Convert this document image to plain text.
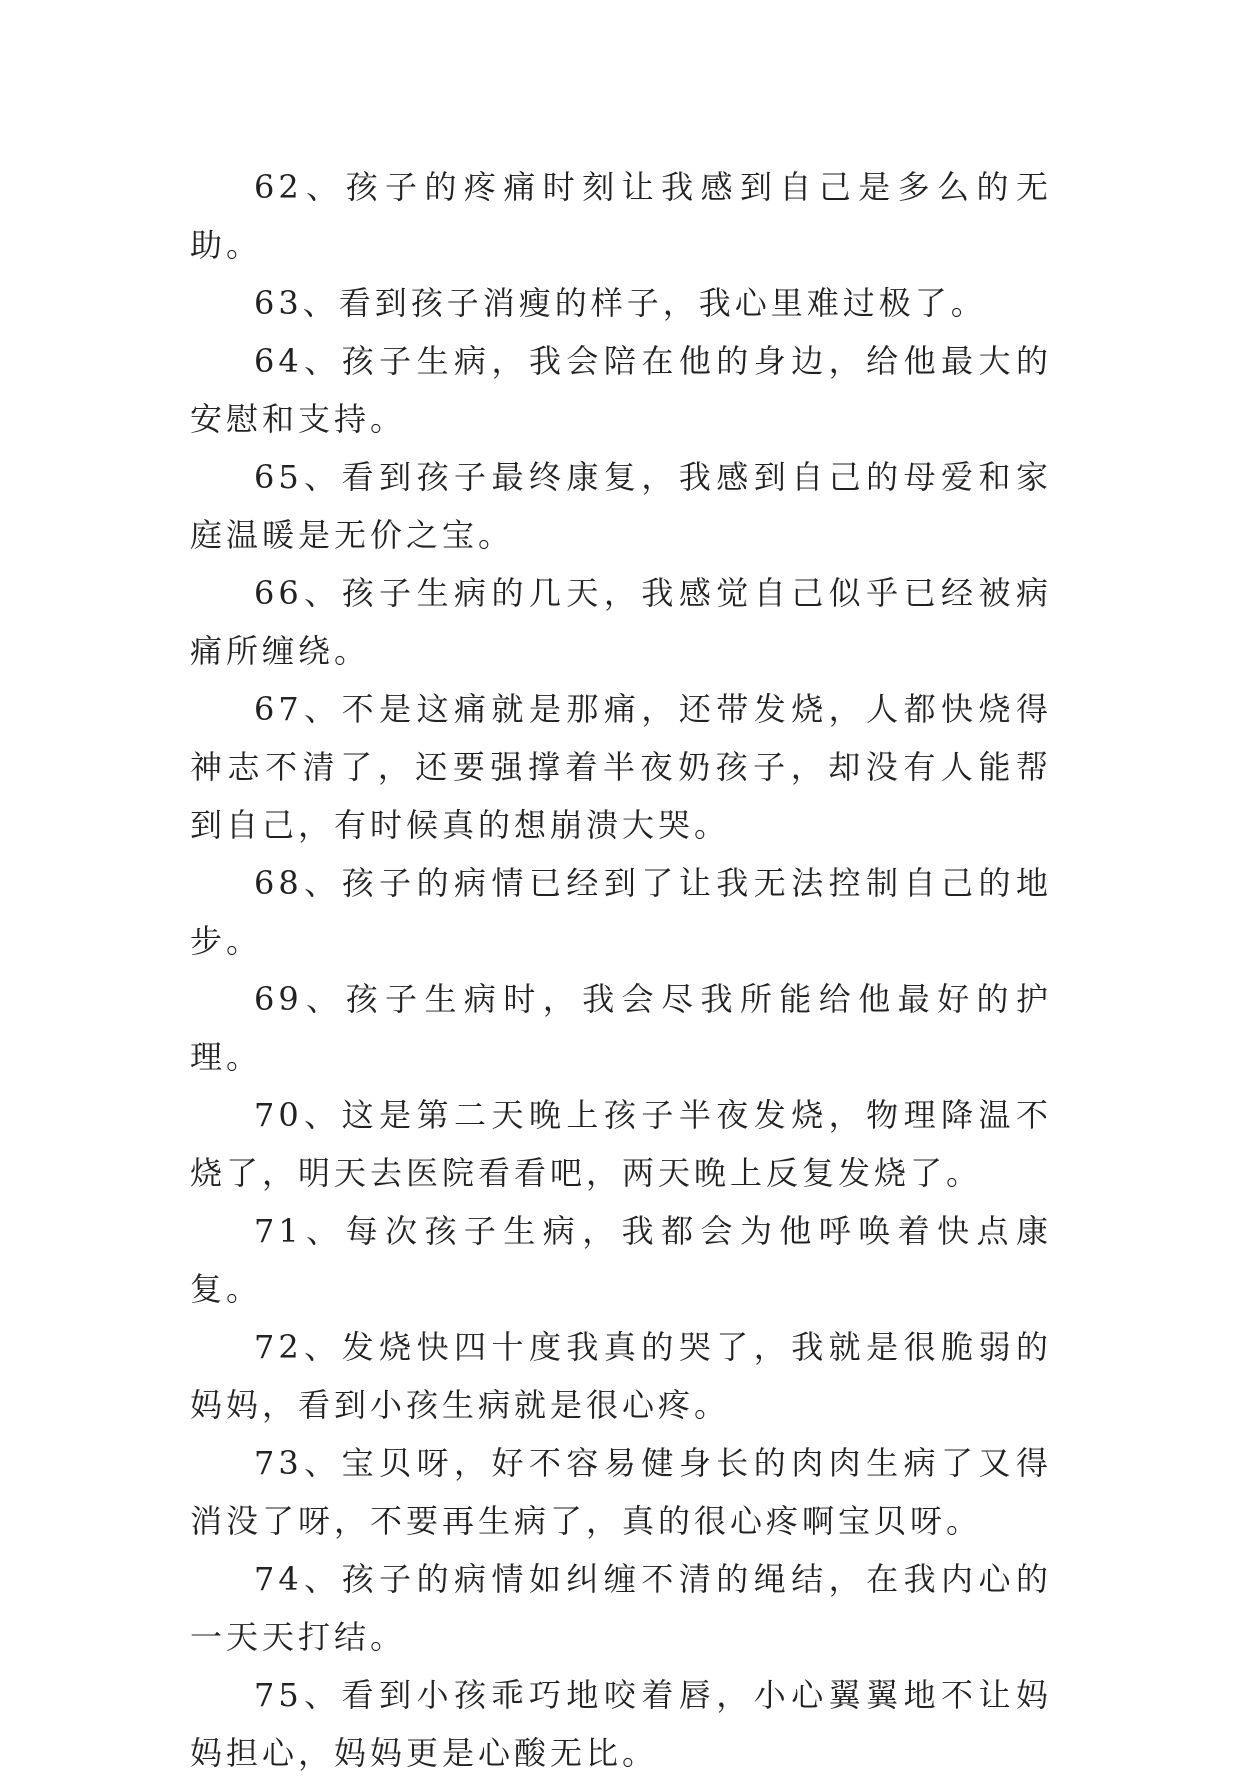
62、孩子的疼痛时刻让我感到自己是多么的无助。

63、看到孩子消瘦的样子，我心里难过极了。

64、孩子生病，我会陪在他的身边，给他最大的安慰和支持。

65、看到孩子最终康复，我感到自己的母爱和家庭温暖是无价之宝。

66、孩子生病的几天，我感觉自己似乎已经被病痛所缠绕。

67、不是这痛就是那痛，还带发烧，人都快烧得神志不清了，还要强撑着半夜奶孩子，却没有人能帮到自己，有时候真的想崩溃大哭。

68、孩子的病情已经到了让我无法控制自己的地步。

69、孩子生病时，我会尽我所能给他最好的护理。

70、这是第二天晚上孩子半夜发烧，物理降温不烧了，明天去医院看看吧，两天晚上反复发烧了。

71、每次孩子生病，我都会为他呼唤着快点康复。

72、发烧快四十度我真的哭了，我就是很脆弱的妈妈，看到小孩生病就是很心疼。

73、宝贝呀，好不容易健身长的肉肉生病了又得消没了呀，不要再生病了，真的很心疼啊宝贝呀。

74、孩子的病情如纠缠不清的绳结，在我内心的一天天打结。

75、看到小孩乖巧地咬着唇，小心翼翼地不让妈妈担心，妈妈更是心酸无比。
